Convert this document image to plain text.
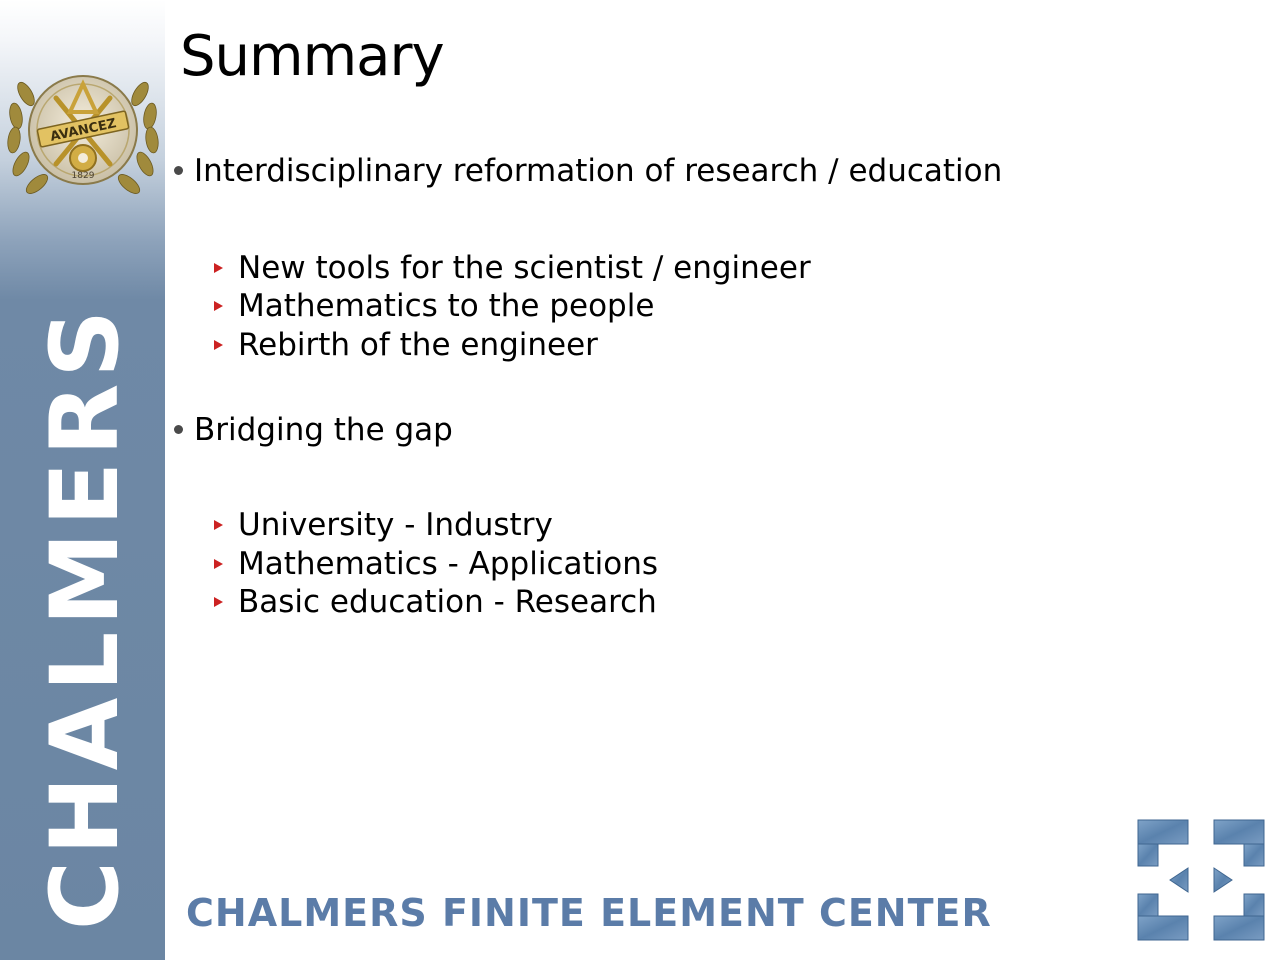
AVANCEZ
1829
CHALMERS
Summary
Interdisciplinary reformation of research / education
New tools for the scientist / engineer
Mathematics to the people
Rebirth of the engineer
Bridging the gap
University - Industry
Mathematics - Applications
Basic education - Research
CHALMERS FINITE ELEMENT CENTER
